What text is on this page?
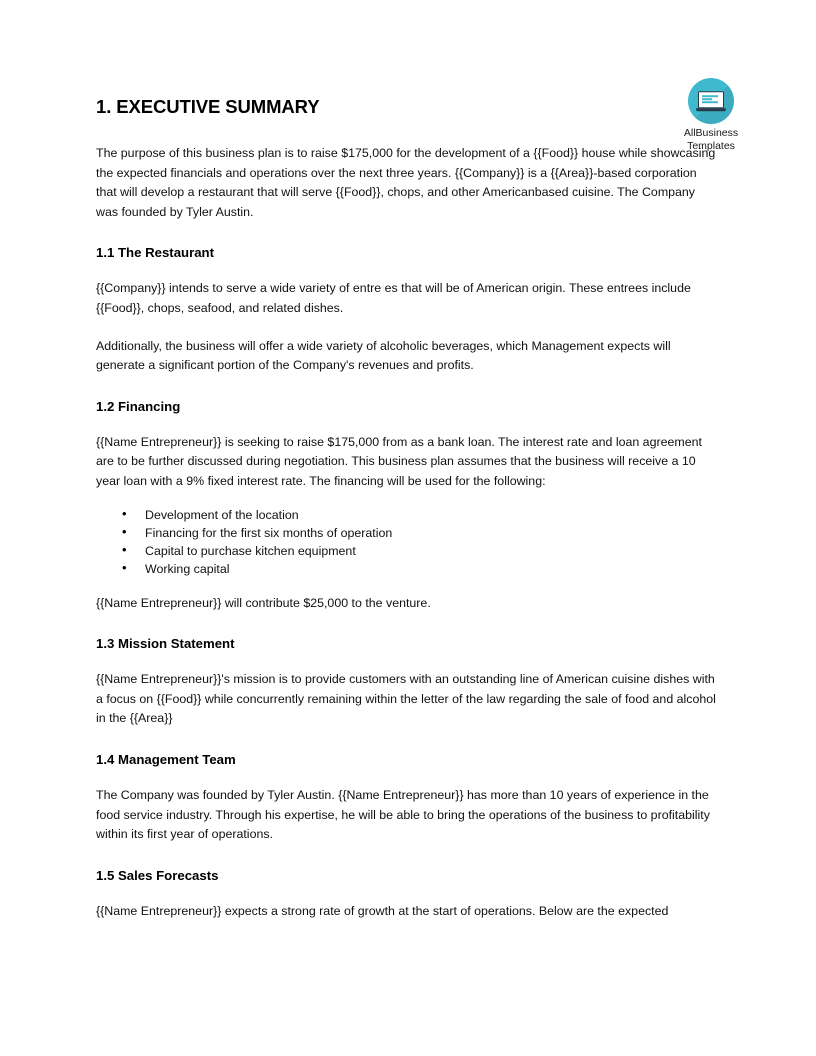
AllBusiness
Templates
1. EXECUTIVE SUMMARY

The purpose of this business plan is to raise $175,000 for the development of a {{Food}} house while showcasing the expected financials and operations over the next three years. {{Company}} is a {{Area}}-based corporation that will develop a restaurant that will serve {{Food}}, chops, and other Americanbased cuisine. The Company was founded by Tyler Austin.

1.1 The Restaurant

{{Company}} intends to serve a wide variety of entre es that will be of American origin. These entrees include {{Food}}, chops, seafood, and related dishes.

Additionally, the business will offer a wide variety of alcoholic beverages, which Management expects will generate a significant portion of the Company's revenues and profits.

1.2 Financing

{{Name Entrepreneur}} is seeking to raise $175,000 from as a bank loan. The interest rate and loan agreement are to be further discussed during negotiation. This business plan assumes that the business will receive a 10 year loan with a 9% fixed interest rate. The financing will be used for the following:

• Development of the location
• Financing for the first six months of operation
• Capital to purchase kitchen equipment
• Working capital

{{Name Entrepreneur}} will contribute $25,000 to the venture.

1.3 Mission Statement

{{Name Entrepreneur}}'s mission is to provide customers with an outstanding line of American cuisine dishes with a focus on {{Food}} while concurrently remaining within the letter of the law regarding the sale of food and alcohol in the {{Area}}

1.4 Management Team

The Company was founded by Tyler Austin. {{Name Entrepreneur}} has more than 10 years of experience in the food service industry. Through his expertise, he will be able to bring the operations of the business to profitability within its first year of operations.

1.5 Sales Forecasts

{{Name Entrepreneur}} expects a strong rate of growth at the start of operations. Below are the expected
